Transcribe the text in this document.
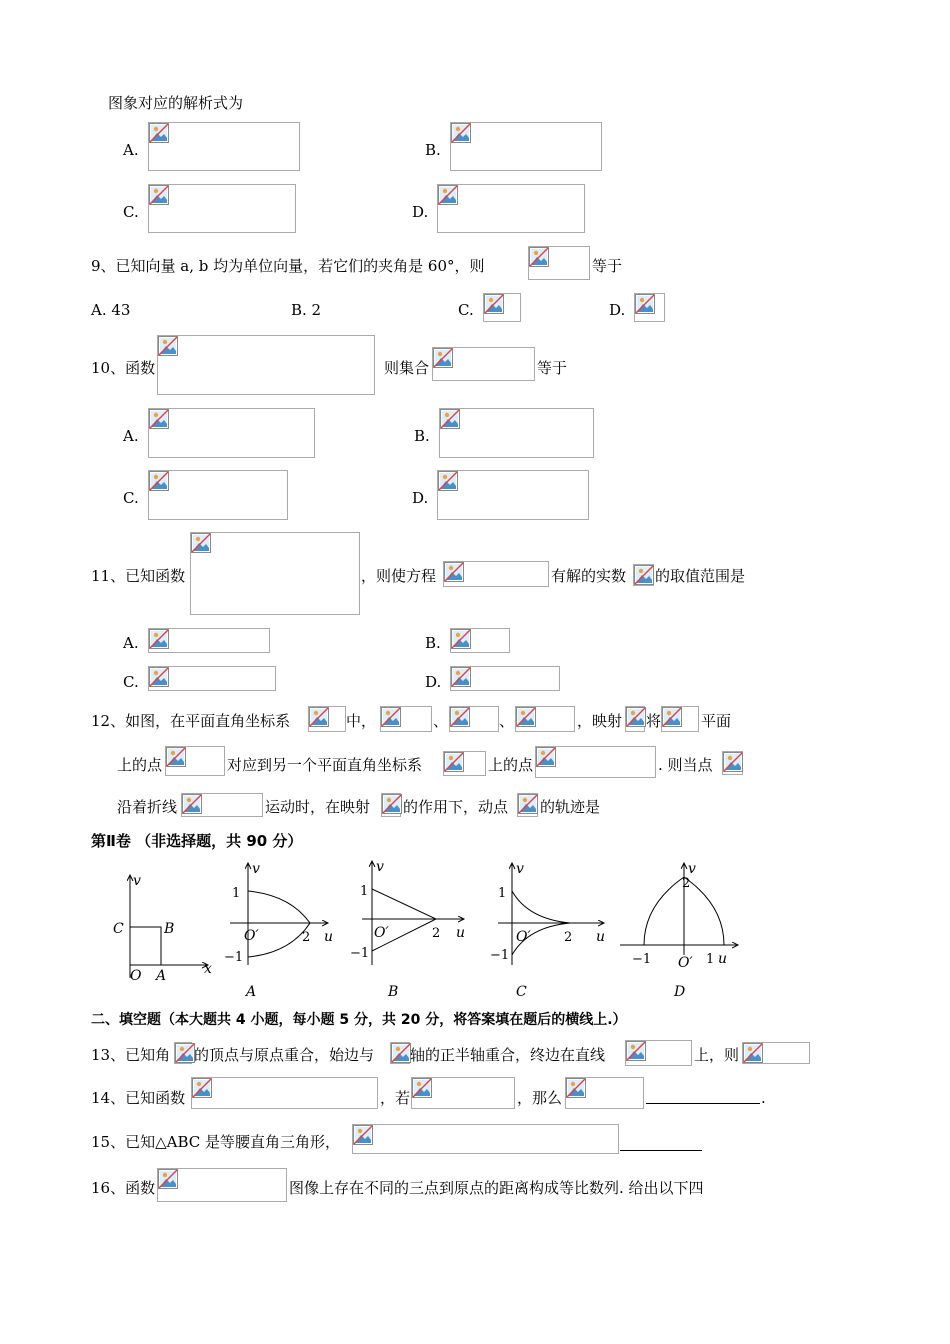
图象对应的解析式为
A.	B.
C.	D.
9、已知向量 a, b 均为单位向量，若它们的夹角是 60°，则	等于
A. 43	B. 2	C.	D.
10、函数	则集合	等于
A.	B.
C.	D.
11、已知函数	，则使方程	有解的实数 的取值范围是
A.	B.
C.	D.
12、如图，在平面直角坐标系	中，	、	、	，映射 将	平面
上的点	对应到另一个平面直角坐标系	上的点	. 则当点
沿着折线	运动时，在映射 的作用下，动点 的轨迹是
第Ⅱ卷 （非选择题，共 90 分）
v
C	B
O A	x
v
1
−1
O′	2 u
A
v
1
−1
O′	2 u
B
v
1
−1
O′	2 u
C
v
2
−1 O′ 1 u
D
二、填空题（本大题共 4 小题，每小题 5 分，共 20 分，将答案填在题后的横线上.）
13、已知角 的顶点与原点重合，始边与 轴的正半轴重合，终边在直线	上，则
14、已知函数	，若	，那么	.
15、已知△ABC 是等腰直角三角形，
16、函数	图像上存在不同的三点到原点的距离构成等比数列. 给出以下四
